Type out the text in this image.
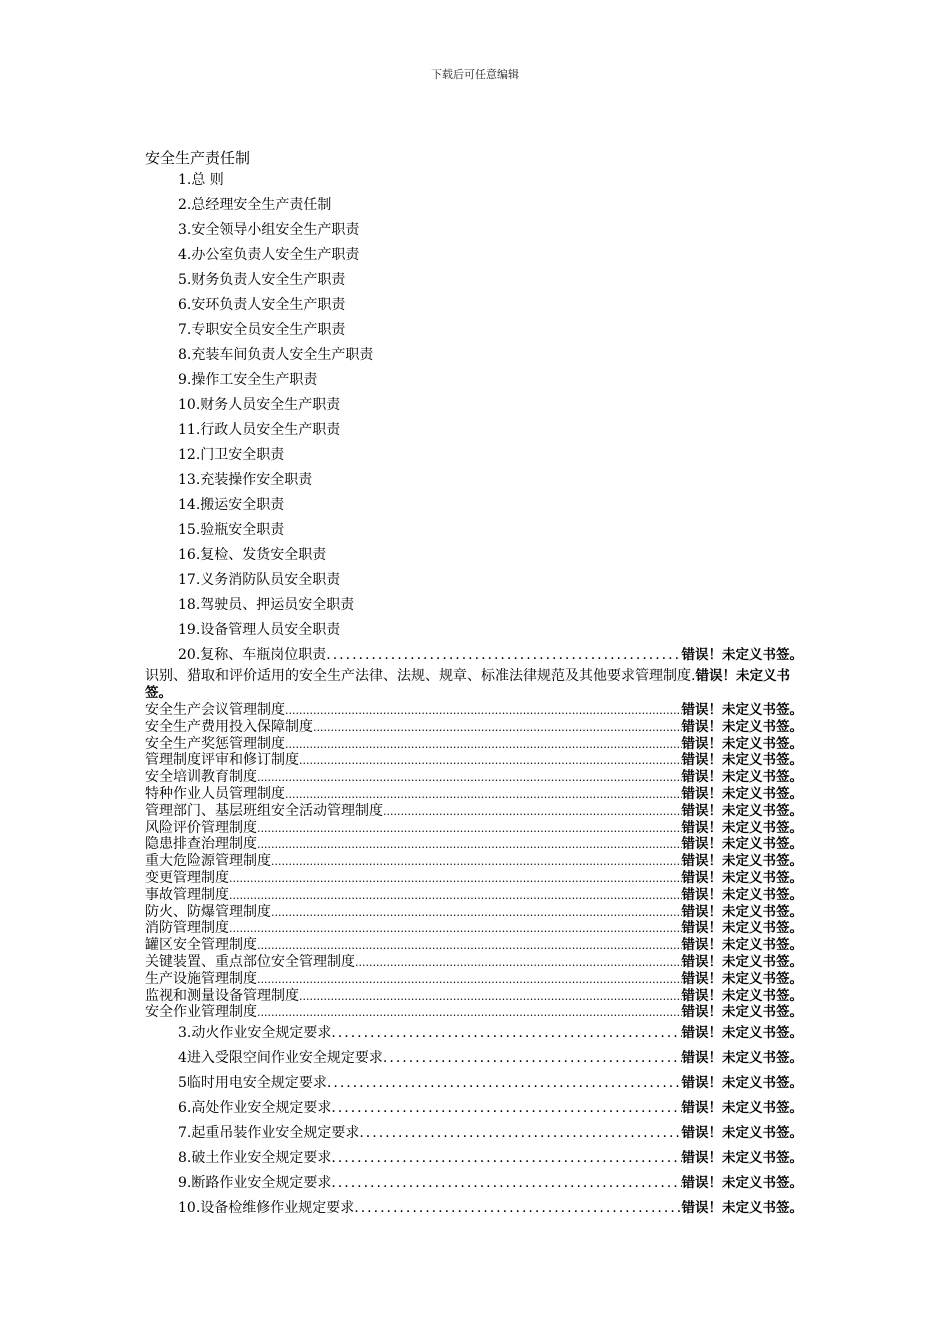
下载后可任意编辑
安全生产责任制
1.总 则
2.总经理安全生产责任制
3.安全领导小组安全生产职责
4.办公室负责人安全生产职责
5.财务负责人安全生产职责
6.安环负责人安全生产职责
7.专职安全员安全生产职责
8.充装车间负责人安全生产职责
9.操作工安全生产职责
10.财务人员安全生产职责
11.行政人员安全生产职责
12.门卫安全职责
13.充装操作安全职责
14.搬运安全职责
15.验瓶安全职责
16.复检、发货安全职责
17.义务消防队员安全职责
18.驾驶员、押运员安全职责
19.设备管理人员安全职责
20.复称、车瓶岗位职责 .....	错误！未定义书签。
识别、猎取和评价适用的安全生产法律、法规、规章、标准法律规范及其他要求管理制度.错误！未定义书签。
安全生产会议管理制度 .....	错误！未定义书签。
安全生产费用投入保障制度 .....	错误！未定义书签。
安全生产奖惩管理制度 .....	错误！未定义书签。
管理制度评审和修订制度 .....	错误！未定义书签。
安全培训教育制度 .....	错误！未定义书签。
特种作业人员管理制度 .....	错误！未定义书签。
管理部门、基层班组安全活动管理制度 .....	错误！未定义书签。
风险评价管理制度 .....	错误！未定义书签。
隐患排查治理制度 .....	错误！未定义书签。
重大危险源管理制度 .....	错误！未定义书签。
变更管理制度 .....	错误！未定义书签。
事故管理制度 .....	错误！未定义书签。
防火、防爆管理制度 .....	错误！未定义书签。
消防管理制度 .....	错误！未定义书签。
罐区安全管理制度 .....	错误！未定义书签。
关键装置、重点部位安全管理制度 .....	错误！未定义书签。
生产设施管理制度 .....	错误！未定义书签。
监视和测量设备管理制度 .....	错误！未定义书签。
安全作业管理制度 .....	错误！未定义书签。
3.动火作业安全规定要求 .....	错误！未定义书签。
4进入受限空间作业安全规定要求 .....	错误！未定义书签。
5临时用电安全规定要求 .....	错误！未定义书签。
6.高处作业安全规定要求 .....	错误！未定义书签。
7.起重吊装作业安全规定要求 .....	错误！未定义书签。
8.破土作业安全规定要求 .....	错误！未定义书签。
9.断路作业安全规定要求 .....	错误！未定义书签。
10.设备检维修作业规定要求 .....	错误！未定义书签。
